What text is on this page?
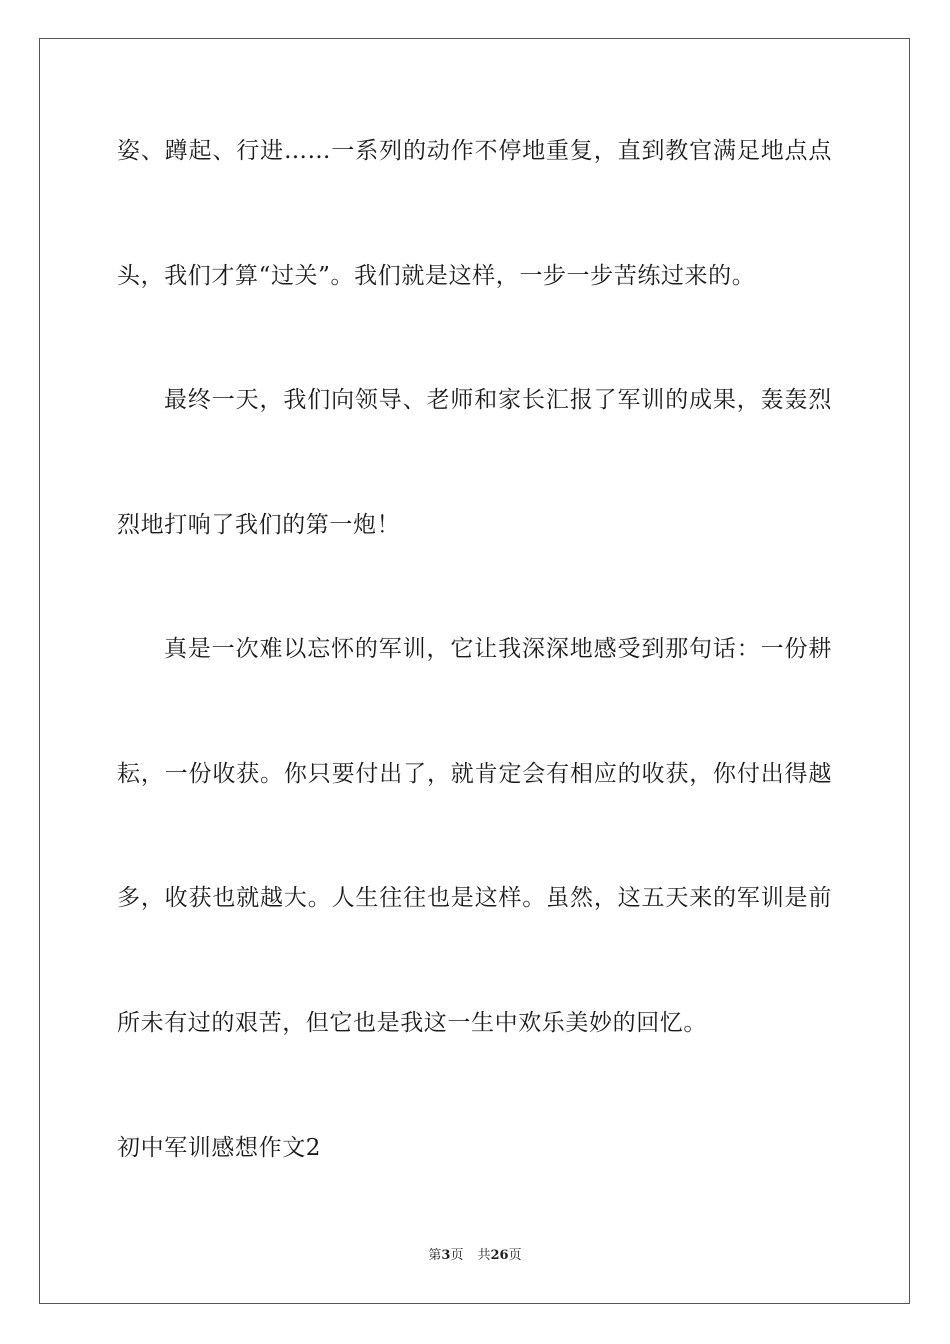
姿、蹲起、行进……一系列的动作不停地重复，直到教官满足地点点
头，我们才算“过关”。我们就是这样，一步一步苦练过来的。
最终一天，我们向领导、老师和家长汇报了军训的成果，轰轰烈
烈地打响了我们的第一炮！
真是一次难以忘怀的军训，它让我深深地感受到那句话：一份耕
耘，一份收获。你只要付出了，就肯定会有相应的收获，你付出得越
多，收获也就越大。人生往往也是这样。虽然，这五天来的军训是前
所未有过的艰苦，但它也是我这一生中欢乐美妙的回忆。
初中军训感想作文2
第3页 共26页
